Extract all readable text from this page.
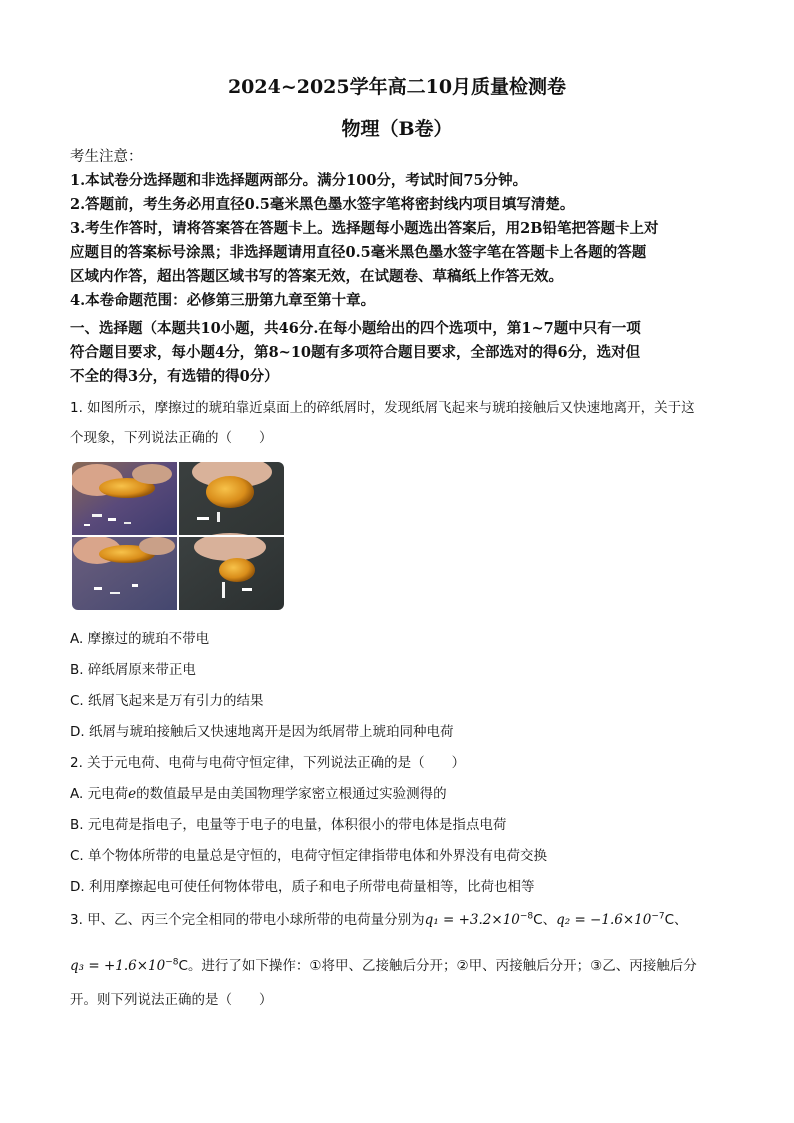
2024~2025学年高二10月质量检测卷
物理（B卷）
考生注意：
1.本试卷分选择题和非选择题两部分。满分100分，考试时间75分钟。
2.答题前，考生务必用直径0.5毫米黑色墨水签字笔将密封线内项目填写清楚。
3.考生作答时，请将答案答在答题卡上。选择题每小题选出答案后，用2B铅笔把答题卡上对
应题目的答案标号涂黑；非选择题请用直径0.5毫米黑色墨水签字笔在答题卡上各题的答题
区域内作答，超出答题区域书写的答案无效，在试题卷、草稿纸上作答无效。
4.本卷命题范围：必修第三册第九章至第十章。
一、选择题（本题共10小题，共46分.在每小题给出的四个选项中，第1~7题中只有一项
符合题目要求，每小题4分，第8~10题有多项符合题目要求，全部选对的得6分，选对但
不全的得3分，有选错的得0分）
1. 如图所示，摩擦过的琥珀靠近桌面上的碎纸屑时，发现纸屑飞起来与琥珀接触后又快速地离开，关于这
个现象，下列说法正确的（　　）
A. 摩擦过的琥珀不带电
B. 碎纸屑原来带正电
C. 纸屑飞起来是万有引力的结果
D. 纸屑与琥珀接触后又快速地离开是因为纸屑带上琥珀同种电荷
2. 关于元电荷、电荷与电荷守恒定律，下列说法正确的是（　　）
A. 元电荷e的数值最早是由美国物理学家密立根通过实验测得的
B. 元电荷是指电子，电量等于电子的电量，体积很小的带电体是指点电荷
C. 单个物体所带的电量总是守恒的，电荷守恒定律指带电体和外界没有电荷交换
D. 利用摩擦起电可使任何物体带电，质子和电子所带电荷量相等，比荷也相等
3. 甲、乙、丙三个完全相同的带电小球所带的电荷量分别为$q_1 = +3.2\times 10^{-8}C$、$q_2 = -1.6\times 10^{-7}C$、
$q_3 = +1.6\times 10^{-8}C$。进行了如下操作：①将甲、乙接触后分开；②甲、丙接触后分开；③乙、丙接触后分
开。则下列说法正确的是（　　）
